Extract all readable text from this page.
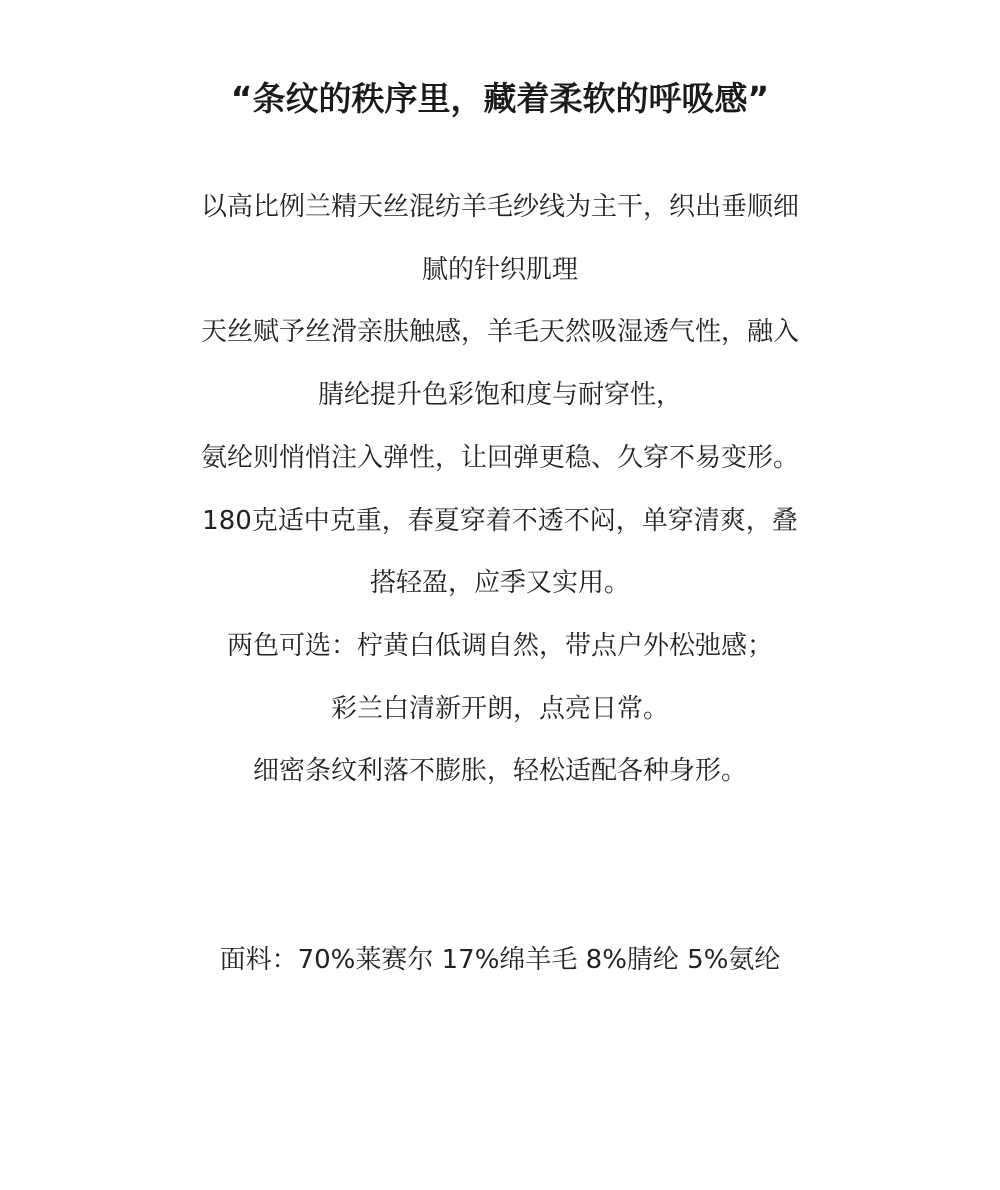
“条纹的秩序里，藏着柔软的呼吸感”
以高比例兰精天丝混纺羊毛纱线为主干，织出垂顺细
腻的针织肌理
天丝赋予丝滑亲肤触感，羊毛天然吸湿透气性，融入
腈纶提升色彩饱和度与耐穿性，
氨纶则悄悄注入弹性，让回弹更稳、久穿不易变形。
180克适中克重，春夏穿着不透不闷，单穿清爽，叠
搭轻盈，应季又实用。
两色可选：柠黄白低调自然，带点户外松弛感；
彩兰白清新开朗，点亮日常。
细密条纹利落不膨胀，轻松适配各种身形。
面料：70%莱赛尔 17%绵羊毛 8%腈纶 5%氨纶
